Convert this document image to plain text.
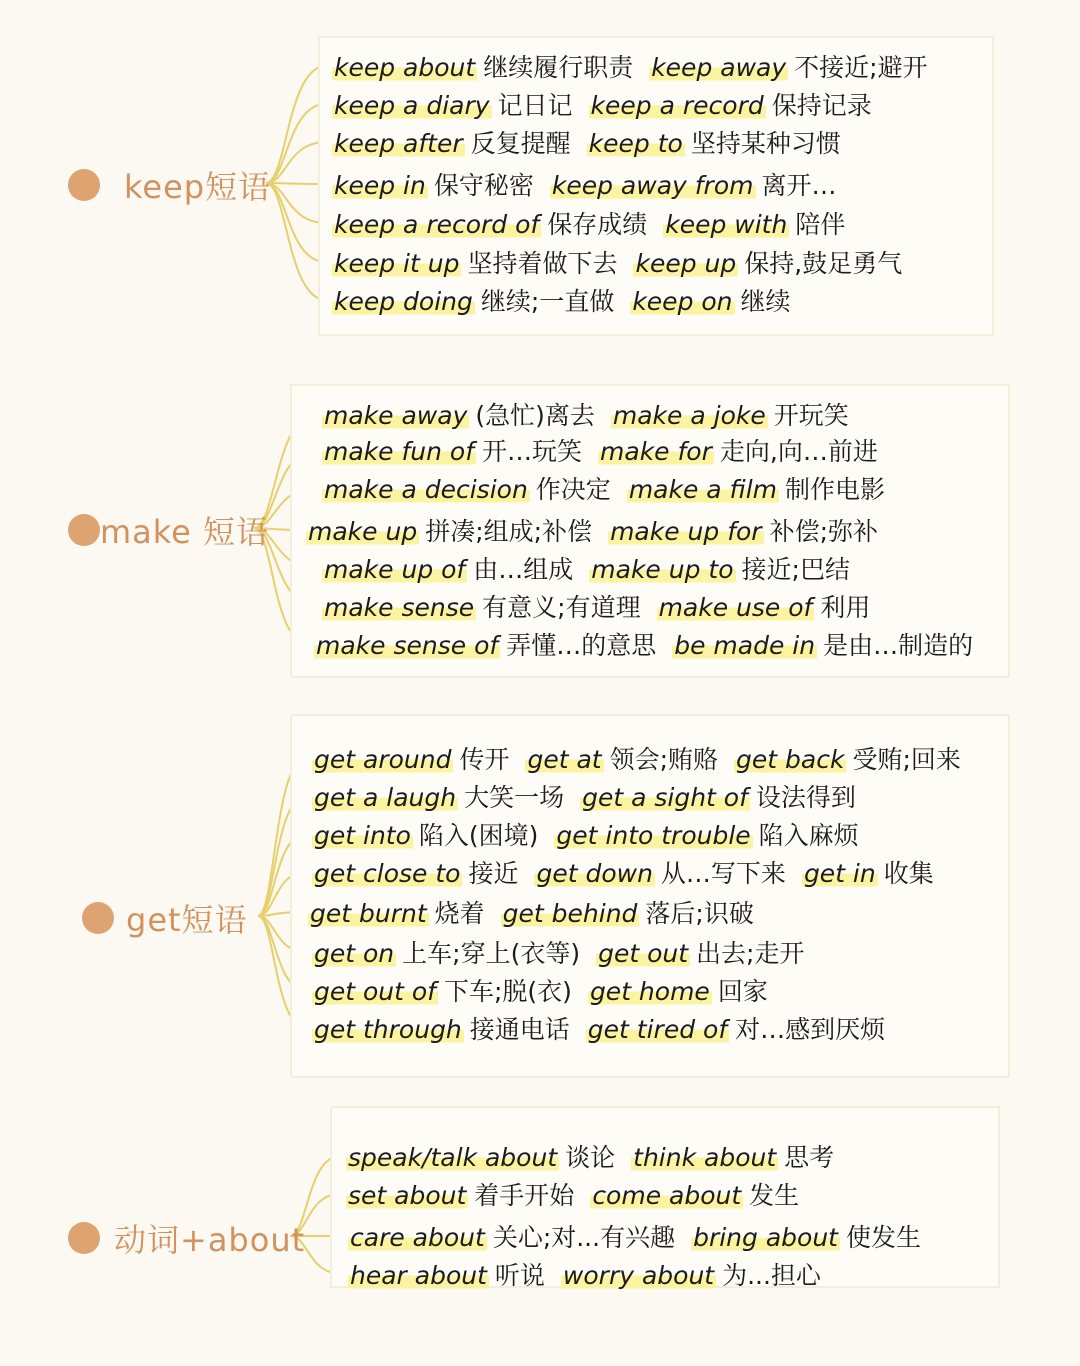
keep短语
make 短语
get短语
动词+about
keep about 继续履行职责 keep away 不接近;避开
keep a diary 记日记 keep a record 保持记录
keep after 反复提醒 keep to 坚持某种习惯
keep in 保守秘密 keep away from 离开…
keep a record of 保存成绩 keep with 陪伴
keep it up 坚持着做下去 keep up 保持,鼓足勇气
keep doing 继续;一直做 keep on 继续
make away (急忙)离去 make a joke 开玩笑
make fun of 开…玩笑 make for 走向,向…前进
make a decision 作决定 make a film 制作电影
make up 拼凑;组成;补偿 make up for 补偿;弥补
make up of 由…组成 make up to 接近;巴结
make sense 有意义;有道理 make use of 利用
make sense of 弄懂…的意思 be made in 是由…制造的
get around 传开 get at 领会;贿赂 get back 受贿;回来
get a laugh 大笑一场 get a sight of 设法得到
get into 陷入(困境) get into trouble 陷入麻烦
get close to 接近 get down 从…写下来 get in 收集
get burnt 烧着 get behind 落后;识破
get on 上车;穿上(衣等) get out 出去;走开
get out of 下车;脱(衣) get home 回家
get through 接通电话 get tired of 对…感到厌烦
speak/talk about 谈论 think about 思考
set about 着手开始 come about 发生
care about 关心;对...有兴趣 bring about 使发生
hear about 听说 worry about 为...担心
